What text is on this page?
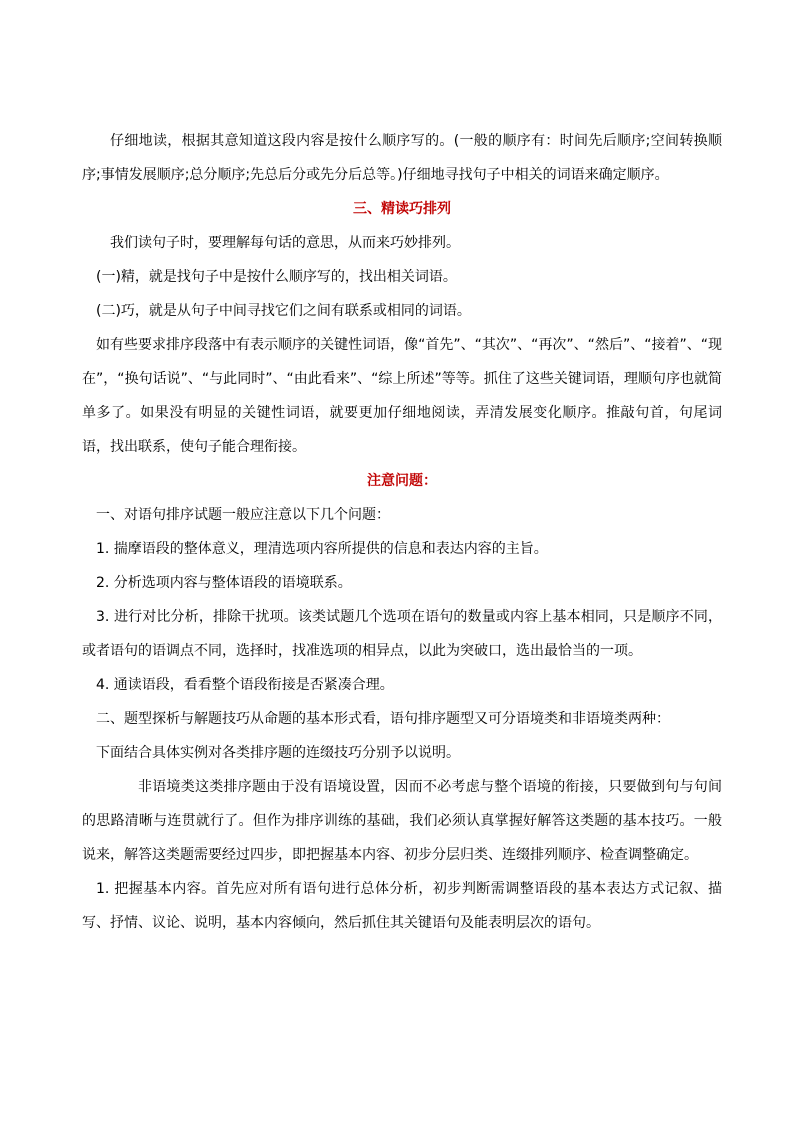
仔细地读，根据其意知道这段内容是按什么顺序写的。(一般的顺序有：时间先后顺序;空间转换顺序;事情发展顺序;总分顺序;先总后分或先分后总等。)仔细地寻找句子中相关的词语来确定顺序。

三、精读巧排列

我们读句子时，要理解每句话的意思，从而来巧妙排列。

(一)精，就是找句子中是按什么顺序写的，找出相关词语。

(二)巧，就是从句子中间寻找它们之间有联系或相同的词语。

如有些要求排序段落中有表示顺序的关键性词语，像“首先”、“其次”、“再次”、“然后”、“接着”、“现在”，“换句话说”、“与此同时”、“由此看来”、“综上所述”等等。抓住了这些关键词语，理顺句序也就简单多了。如果没有明显的关键性词语，就要更加仔细地阅读，弄清发展变化顺序。推敲句首，句尾词语，找出联系，使句子能合理衔接。

注意问题：

一、对语句排序试题一般应注意以下几个问题：

1. 揣摩语段的整体意义，理清选项内容所提供的信息和表达内容的主旨。

2. 分析选项内容与整体语段的语境联系。

3. 进行对比分析，排除干扰项。该类试题几个选项在语句的数量或内容上基本相同，只是顺序不同，或者语句的语调点不同，选择时，找准选项的相异点，以此为突破口，选出最恰当的一项。

4. 通读语段，看看整个语段衔接是否紧凑合理。

二、题型探析与解题技巧从命题的基本形式看，语句排序题型又可分语境类和非语境类两种：

下面结合具体实例对各类排序题的连缀技巧分别予以说明。

非语境类这类排序题由于没有语境设置，因而不必考虑与整个语境的衔接，只要做到句与句间的思路清晰与连贯就行了。但作为排序训练的基础，我们必须认真掌握好解答这类题的基本技巧。一般说来，解答这类题需要经过四步，即把握基本内容、初步分层归类、连缀排列顺序、检查调整确定。

1. 把握基本内容。首先应对所有语句进行总体分析，初步判断需调整语段的基本表达方式记叙、描写、抒情、议论、说明，基本内容倾向，然后抓住其关键语句及能表明层次的语句。
